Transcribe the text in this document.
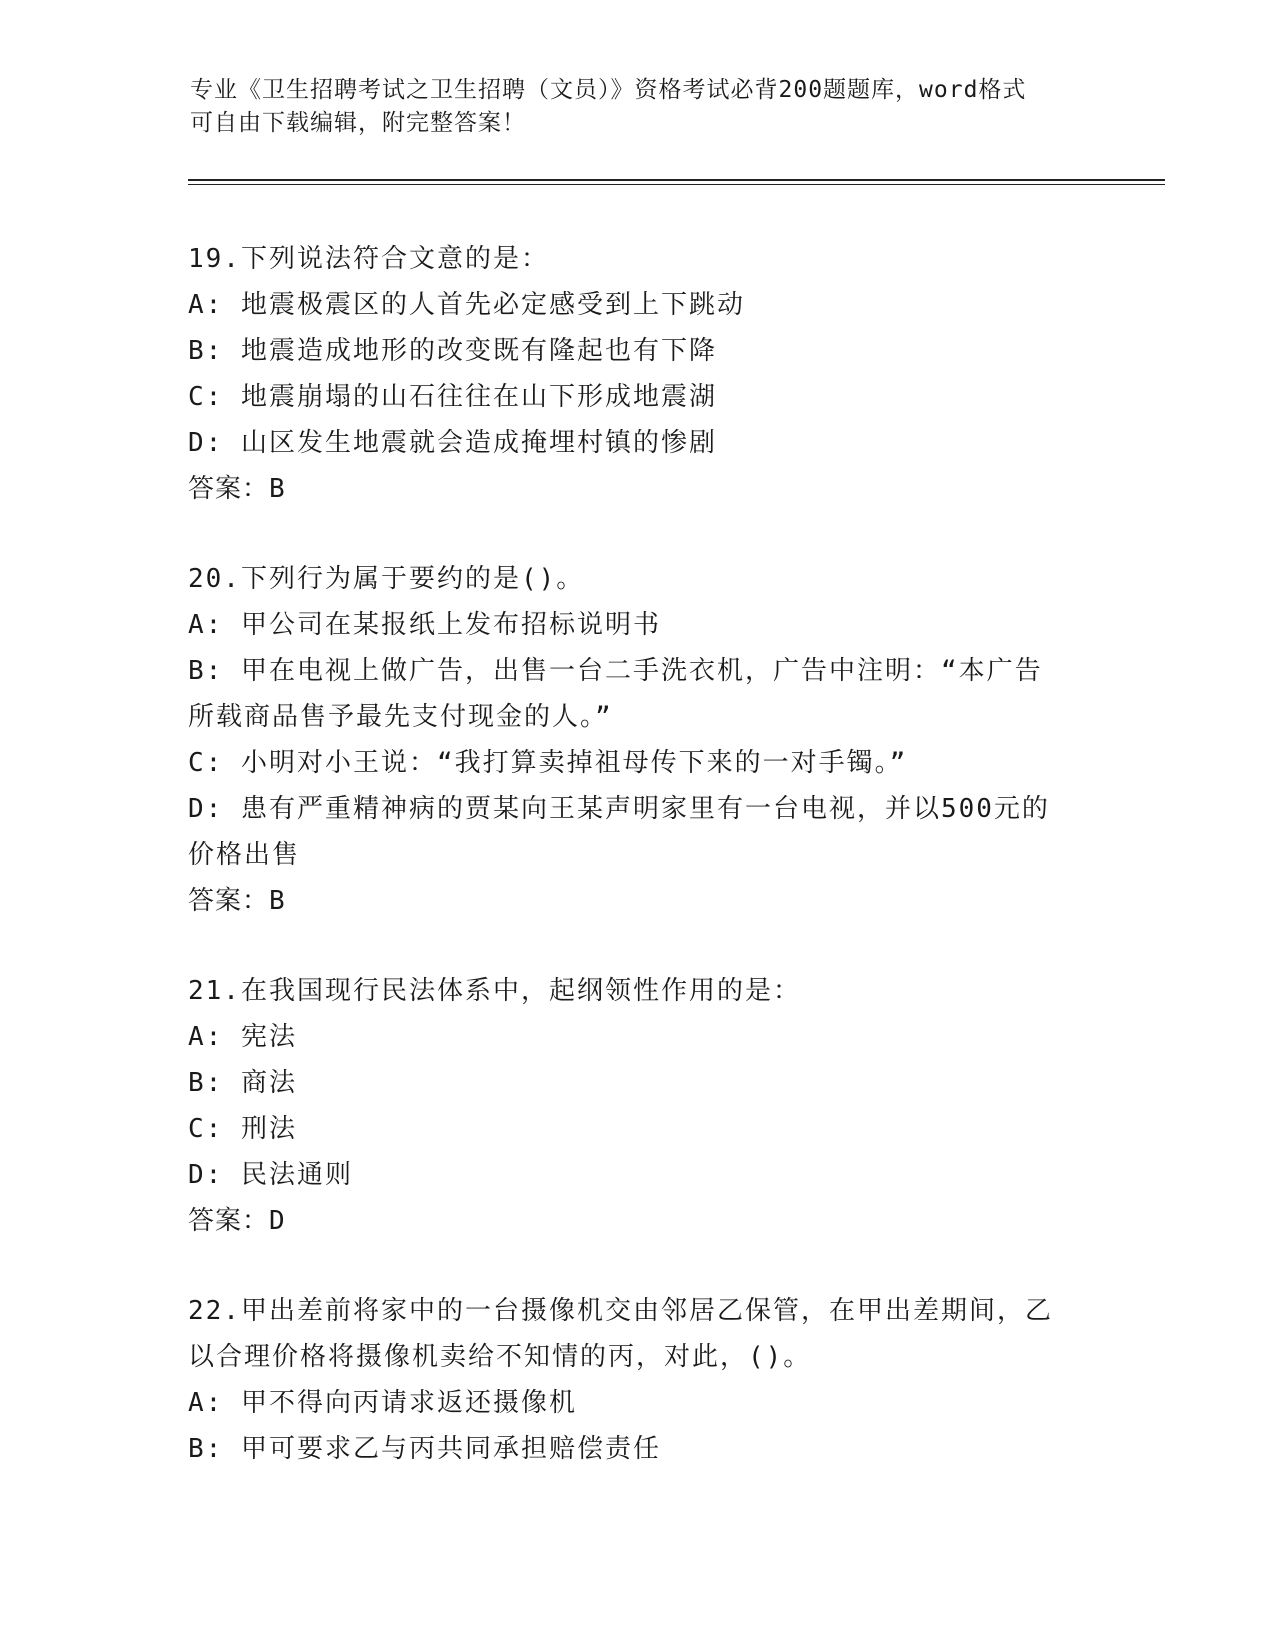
专业《卫生招聘考试之卫生招聘（文员）》资格考试必背200题题库，word格式
可自由下载编辑，附完整答案！
19.下列说法符合文意的是：
A: 地震极震区的人首先必定感受到上下跳动
B: 地震造成地形的改变既有隆起也有下降
C: 地震崩塌的山石往往在山下形成地震湖
D: 山区发生地震就会造成掩埋村镇的惨剧
答案：B
20.下列行为属于要约的是()。
A: 甲公司在某报纸上发布招标说明书
B: 甲在电视上做广告，出售一台二手洗衣机，广告中注明：“本广告
所载商品售予最先支付现金的人。”
C: 小明对小王说：“我打算卖掉祖母传下来的一对手镯。”
D: 患有严重精神病的贾某向王某声明家里有一台电视，并以500元的
价格出售
答案：B
21.在我国现行民法体系中，起纲领性作用的是：
A: 宪法
B: 商法
C: 刑法
D: 民法通则
答案：D
22.甲出差前将家中的一台摄像机交由邻居乙保管，在甲出差期间，乙
以合理价格将摄像机卖给不知情的丙，对此，()。
A: 甲不得向丙请求返还摄像机
B: 甲可要求乙与丙共同承担赔偿责任
